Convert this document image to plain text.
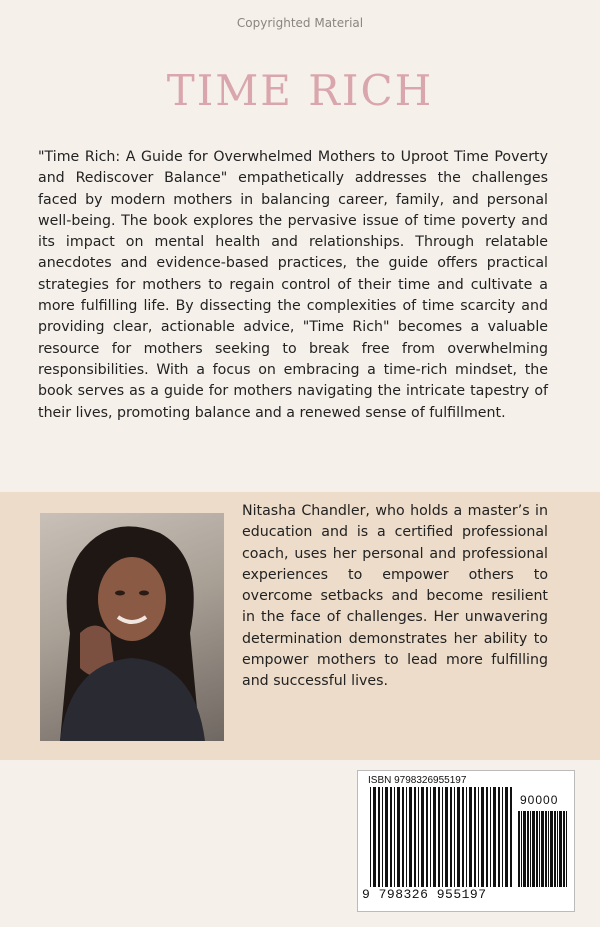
Copyrighted Material
TIME RICH

"Time Rich: A Guide for Overwhelmed Mothers to Uproot Time Poverty and Rediscover Balance" empathetically addresses the challenges faced by modern mothers in balancing career, family, and personal well-being. The book explores the pervasive issue of time poverty and its impact on mental health and relationships. Through relatable anecdotes and evidence-based practices, the guide offers practical strategies for mothers to regain control of their time and cultivate a more fulfilling life. By dissecting the complexities of time scarcity and providing clear, actionable advice, "Time Rich" becomes a valuable resource for mothers seeking to break free from overwhelming responsibilities. With a focus on embracing a time-rich mindset, the book serves as a guide for mothers navigating the intricate tapestry of their lives, promoting balance and a renewed sense of fulfillment.

Nitasha Chandler, who holds a master’s in education and is a certified professional coach, uses her personal and professional experiences to empower others to overcome setbacks and become resilient in the face of challenges. Her unwavering determination demonstrates her ability to empower mothers to lead more fulfilling and successful lives.

ISBN 9798326955197
90000
9 798326 955197
